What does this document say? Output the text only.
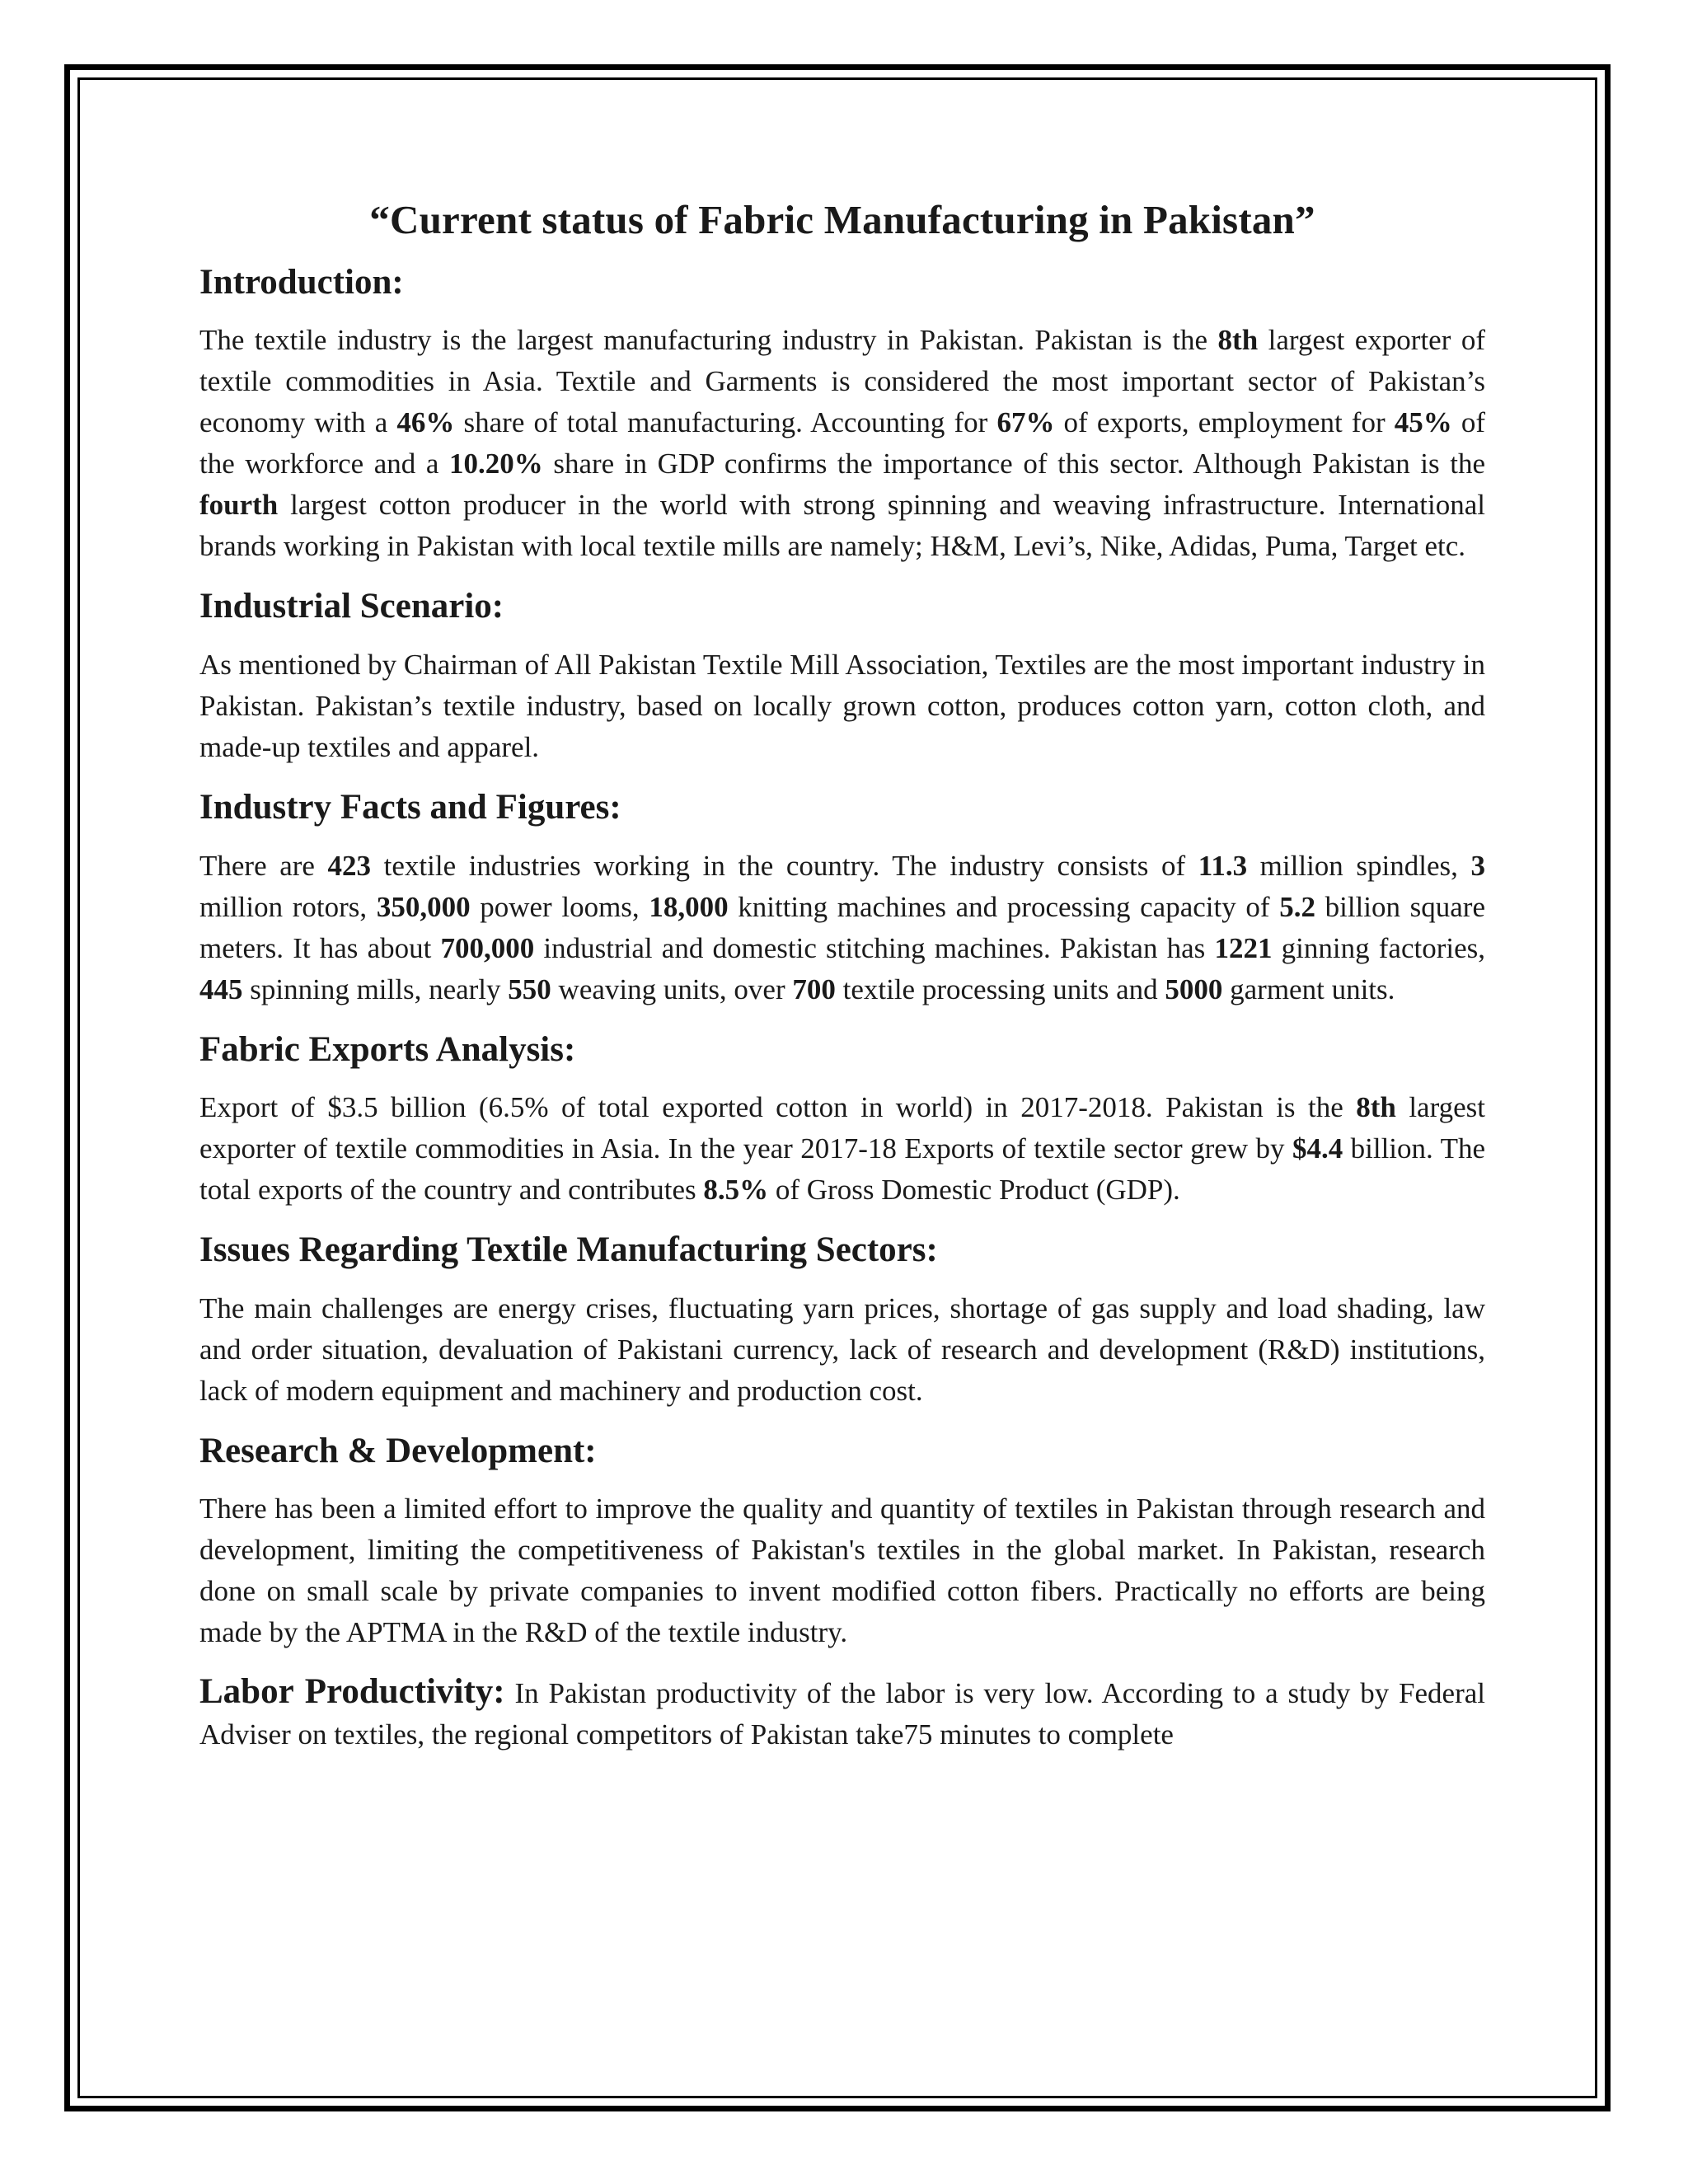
“Current status of Fabric Manufacturing in Pakistan”
Introduction:

The textile industry is the largest manufacturing industry in Pakistan. Pakistan is the 8th largest exporter of textile commodities in Asia. Textile and Garments is considered the most important sector of Pakistan’s economy with a 46% share of total manufacturing. Accounting for 67% of exports, employment for 45% of the workforce and a 10.20% share in GDP confirms the importance of this sector. Although Pakistan is the fourth largest cotton producer in the world with strong spinning and weaving infrastructure. International brands working in Pakistan with local textile mills are namely; H&M, Levi’s, Nike, Adidas, Puma, Target etc.

Industrial Scenario:

As mentioned by Chairman of All Pakistan Textile Mill Association, Textiles are the most important industry in Pakistan. Pakistan’s textile industry, based on locally grown cotton, produces cotton yarn, cotton cloth, and made-up textiles and apparel.

Industry Facts and Figures:

There are 423 textile industries working in the country. The industry consists of 11.3 million spindles, 3 million rotors, 350,000 power looms, 18,000 knitting machines and processing capacity of 5.2 billion square meters. It has about 700,000 industrial and domestic stitching machines. Pakistan has 1221 ginning factories, 445 spinning mills, nearly 550 weaving units, over 700 textile processing units and 5000 garment units.

Fabric Exports Analysis:

Export of $3.5 billion (6.5% of total exported cotton in world) in 2017-2018. Pakistan is the 8th largest exporter of textile commodities in Asia. In the year 2017-18 Exports of textile sector grew by $4.4 billion. The total exports of the country and contributes 8.5% of Gross Domestic Product (GDP).

Issues Regarding Textile Manufacturing Sectors:

The main challenges are energy crises, fluctuating yarn prices, shortage of gas supply and load shading, law and order situation, devaluation of Pakistani currency, lack of research and development (R&D) institutions, lack of modern equipment and machinery and production cost.

Research & Development:

There has been a limited effort to improve the quality and quantity of textiles in Pakistan through research and development, limiting the competitiveness of Pakistan's textiles in the global market. In Pakistan, research done on small scale by private companies to invent modified cotton fibers. Practically no efforts are being made by the APTMA in the R&D of the textile industry.

Labor Productivity: In Pakistan productivity of the labor is very low. According to a study by Federal Adviser on textiles, the regional competitors of Pakistan take75 minutes to complete
